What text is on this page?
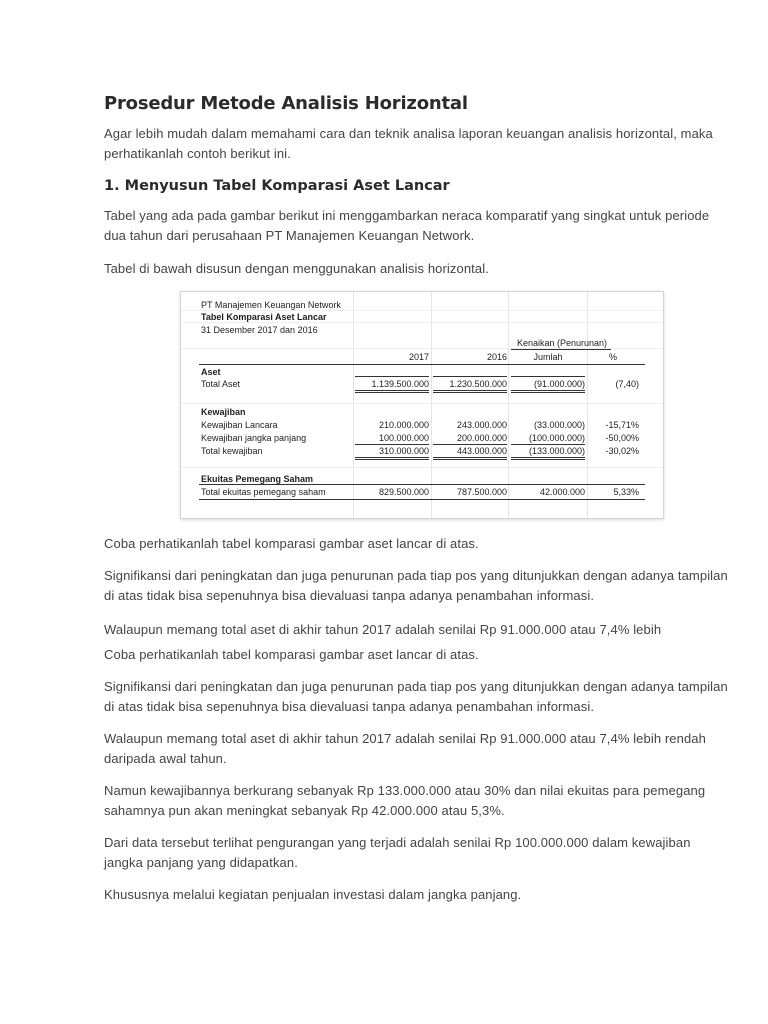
Prosedur Metode Analisis Horizontal

Agar lebih mudah dalam memahami cara dan teknik analisa laporan keuangan analisis horizontal, maka perhatikanlah contoh berikut ini.

1. Menyusun Tabel Komparasi Aset Lancar

Tabel yang ada pada gambar berikut ini menggambarkan neraca komparatif yang singkat untuk periode dua tahun dari perusahaan PT Manajemen Keuangan Network.

Tabel di bawah disusun dengan menggunakan analisis horizontal.

PT Manajemen Keuangan Network
Tabel Komparasi Aset Lancar
31 Desember 2017 dan 2016
Kenaikan (Penurunan)
2017	2016	Jumlah	%
Aset
Total Aset	1.139.500.000	1.230.500.000	(91.000.000)	(7,40)
Kewajiban
Kewajiban Lancara	210.000.000	243.000.000	(33.000.000)	-15,71%
Kewajiban jangka panjang	100.000.000	200.000.000	(100.000.000)	-50,00%
Total kewajiban	310.000.000	443.000.000	(133.000.000)	-30,02%
Ekuitas Pemegang Saham
Total ekuitas pemegang saham	829.500.000	787.500.000	42.000.000	5,33%

Coba perhatikanlah tabel komparasi gambar aset lancar di atas.

Signifikansi dari peningkatan dan juga penurunan pada tiap pos yang ditunjukkan dengan adanya tampilan di atas tidak bisa sepenuhnya bisa dievaluasi tanpa adanya penambahan informasi.

Walaupun memang total aset di akhir tahun 2017 adalah senilai Rp 91.000.000 atau 7,4% lebih

Coba perhatikanlah tabel komparasi gambar aset lancar di atas.

Signifikansi dari peningkatan dan juga penurunan pada tiap pos yang ditunjukkan dengan adanya tampilan di atas tidak bisa sepenuhnya bisa dievaluasi tanpa adanya penambahan informasi.

Walaupun memang total aset di akhir tahun 2017 adalah senilai Rp 91.000.000 atau 7,4% lebih rendah daripada awal tahun.

Namun kewajibannya berkurang sebanyak Rp 133.000.000 atau 30% dan nilai ekuitas para pemegang sahamnya pun akan meningkat sebanyak Rp 42.000.000 atau 5,3%.

Dari data tersebut terlihat pengurangan yang terjadi adalah senilai Rp 100.000.000 dalam kewajiban jangka panjang yang didapatkan.

Khususnya melalui kegiatan penjualan investasi dalam jangka panjang.
